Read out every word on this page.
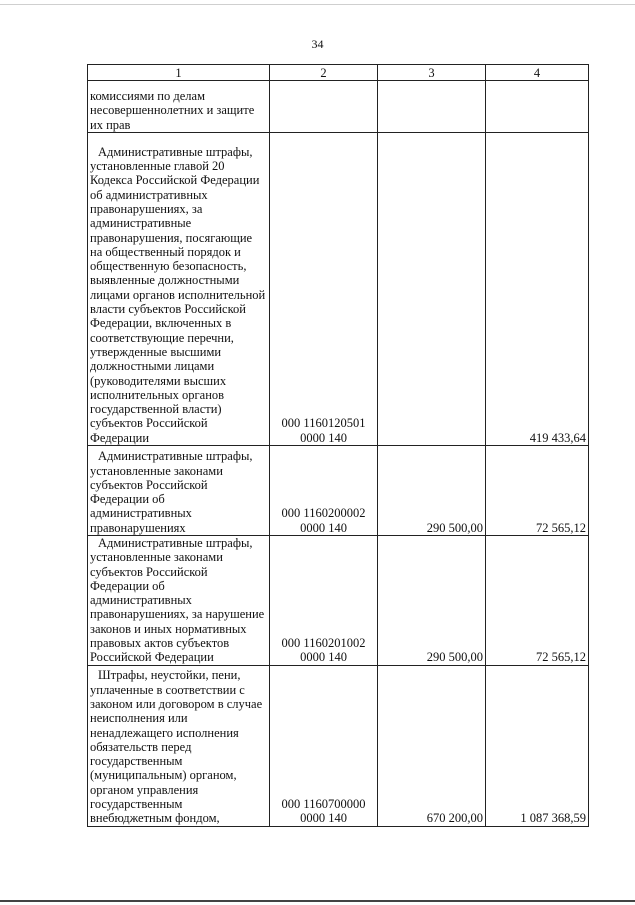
34
1	2	3	4
комиссиями по делам несовершеннолетних и защите их прав			
Административные штрафы, установленные главой 20 Кодекса Российской Федерации об административных правонарушениях, за административные правонарушения, посягающие на общественный порядок и общественную безопасность, выявленные должностными лицами органов исполнительной власти субъектов Российской Федерации, включенных в соответствующие перечни, утвержденные высшими должностными лицами (руководителями высших исполнительных органов государственной власти) субъектов Российской Федерации	000 1160120501 0000 140		419 433,64
Административные штрафы, установленные законами субъектов Российской Федерации об административных правонарушениях	000 1160200002 0000 140	290 500,00	72 565,12
Административные штрафы, установленные законами субъектов Российской Федерации об административных правонарушениях, за нарушение законов и иных нормативных правовых актов субъектов Российской Федерации	000 1160201002 0000 140	290 500,00	72 565,12
Штрафы, неустойки, пени, уплаченные в соответствии с законом или договором в случае неисполнения или ненадлежащего исполнения обязательств перед государственным (муниципальным) органом, органом управления государственным внебюджетным фондом,	000 1160700000 0000 140	670 200,00	1 087 368,59
